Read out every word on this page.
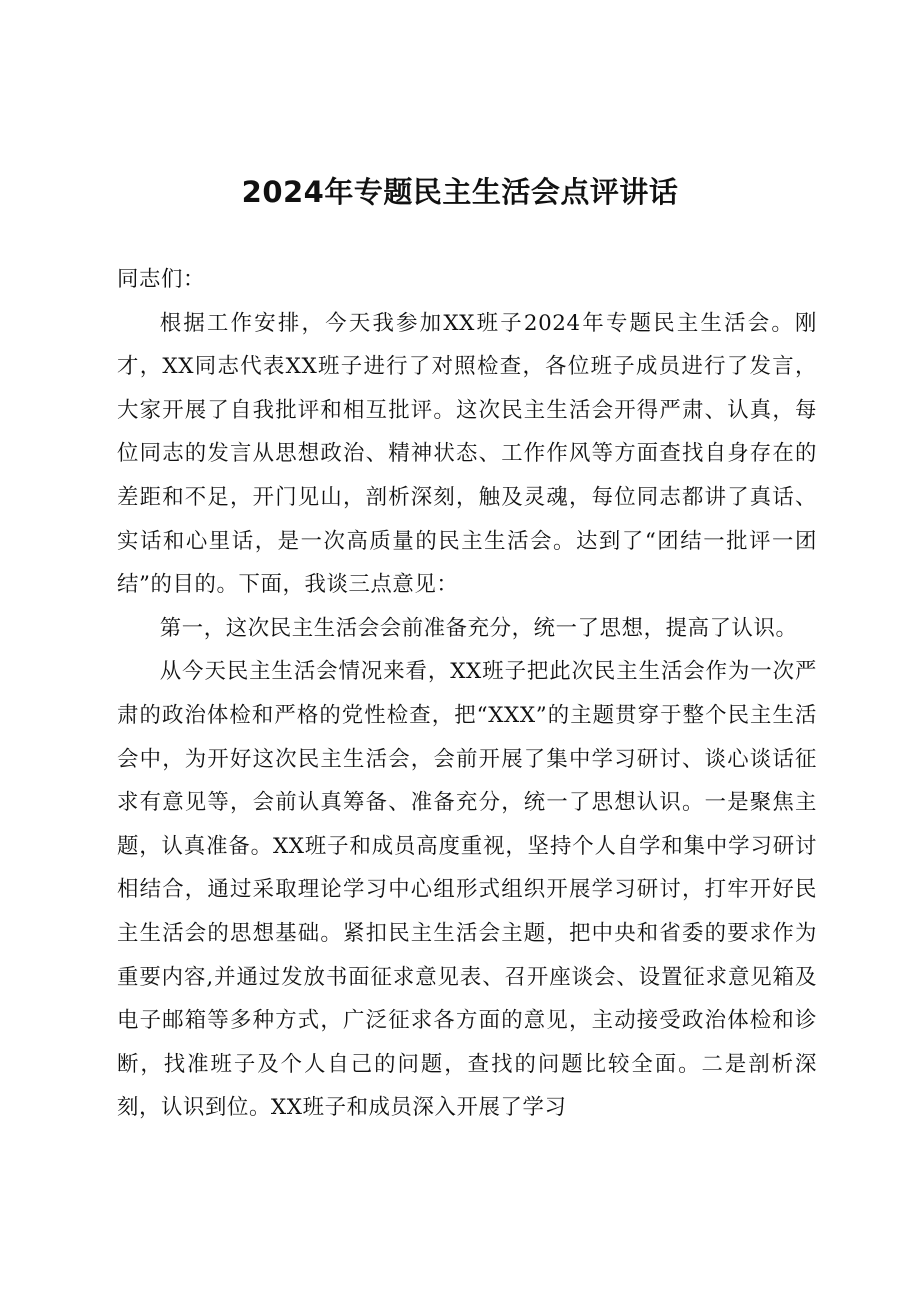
2024年专题民主生活会点评讲话

同志们：

根据工作安排，今天我参加XX班子2024年专题民主生活会。刚才，XX同志代表XX班子进行了对照检查，各位班子成员进行了发言，大家开展了自我批评和相互批评。这次民主生活会开得严肃、认真，每位同志的发言从思想政治、精神状态、工作作风等方面查找自身存在的差距和不足，开门见山，剖析深刻，触及灵魂，每位同志都讲了真话、实话和心里话，是一次高质量的民主生活会。达到了“团结一批评一团结”的目的。下面，我谈三点意见：

第一，这次民主生活会会前准备充分，统一了思想，提高了认识。

从今天民主生活会情况来看，XX班子把此次民主生活会作为一次严肃的政治体检和严格的党性检查，把“XXX”的主题贯穿于整个民主生活会中，为开好这次民主生活会，会前开展了集中学习研讨、谈心谈话征求有意见等，会前认真筹备、准备充分，统一了思想认识。一是聚焦主题，认真准备。XX班子和成员高度重视，坚持个人自学和集中学习研讨相结合，通过采取理论学习中心组形式组织开展学习研讨，打牢开好民主生活会的思想基础。紧扣民主生活会主题，把中央和省委的要求作为重要内容,并通过发放书面征求意见表、召开座谈会、设置征求意见箱及电子邮箱等多种方式，广泛征求各方面的意见，主动接受政治体检和诊断，找准班子及个人自己的问题，查找的问题比较全面。二是剖析深刻，认识到位。XX班子和成员深入开展了学习
